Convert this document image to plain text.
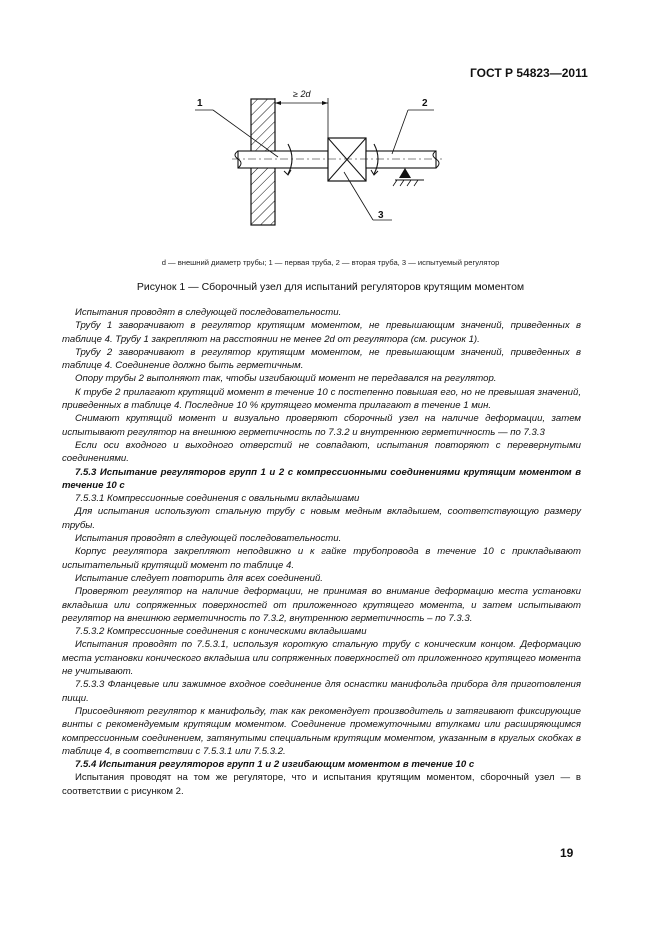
ГОСТ Р 54823—2011
≥ 2d
1	2
3
d — внешний диаметр трубы; 1 — первая труба, 2 — вторая труба, 3 — испытуемый регулятор
Рисунок 1 — Сборочный узел для испытаний регуляторов крутящим моментом

Испытания проводят в следующей последовательности.

Трубу 1 заворачивают в регулятор крутящим моментом, не превышающим значений, приведенных в таблице 4. Трубу 1 закрепляют на расстоянии не менее 2d от регулятора (см. рисунок 1).

Трубу 2 заворачивают в регулятор крутящим моментом, не превышающим значений, приведенных в таблице 4. Соединение должно быть герметичным.

Опору трубы 2 выполняют так, чтобы изгибающий момент не передавался на регулятор.

К трубе 2 прилагают крутящий момент в течение 10 с постепенно повышая его, но не превышая значений, приведенных в таблице 4. Последние 10 % крутящего момента прилагают в течение 1 мин.

Снимают крутящий момент и визуально проверяют сборочный узел на наличие деформации, затем испытывают регулятор на внешнюю герметичность по 7.3.2 и внутреннюю герметичность — по 7.3.3

Если оси входного и выходного отверстий не совпадают, испытания повторяют с перевернутыми соединениями.

7.5.3 Испытание регуляторов групп 1 и 2 с компрессионными соединениями крутящим моментом в течение 10 с

7.5.3.1 Компрессионные соединения с овальными вкладышами

Для испытания используют стальную трубу с новым медным вкладышем, соответствующую размеру трубы.

Испытания проводят в следующей последовательности.

Корпус регулятора закрепляют неподвижно и к гайке трубопровода в течение 10 с прикладывают испытательный крутящий момент по таблице 4.

Испытание следует повторить для всех соединений.

Проверяют регулятор на наличие деформации, не принимая во внимание деформацию места установки вкладыша или сопряженных поверхностей от приложенного крутящего момента, и затем испытывают регулятор на внешнюю герметичность по 7.3.2, внутреннюю герметичность – по 7.3.3.

7.5.3.2 Компрессионные соединения с коническими вкладышами

Испытания проводят по 7.5.3.1, используя короткую стальную трубу с коническим концом. Деформацию места установки конического вкладыша или сопряженных поверхностей от приложенного крутящего момента не учитывают.

7.5.3.3 Фланцевые или зажимное входное соединение для оснастки манифольда прибора для приготовления пищи.

Присоединяют регулятор к манифольду, так как рекомендует производитель и затягивают фиксирующие винты с рекомендуемым крутящим моментом. Соединение промежуточными втулками или расширяющимся компрессионным соединением, затянутыми специальным крутящим моментом, указанным в круглых скобках в таблице 4, в соответствии с 7.5.3.1 или 7.5.3.2.

7.5.4 Испытания регуляторов групп 1 и 2 изгибающим моментом в течение 10 с

Испытания проводят на том же регуляторе, что и испытания крутящим моментом, сборочный узел — в соответствии с рисунком 2.

19
